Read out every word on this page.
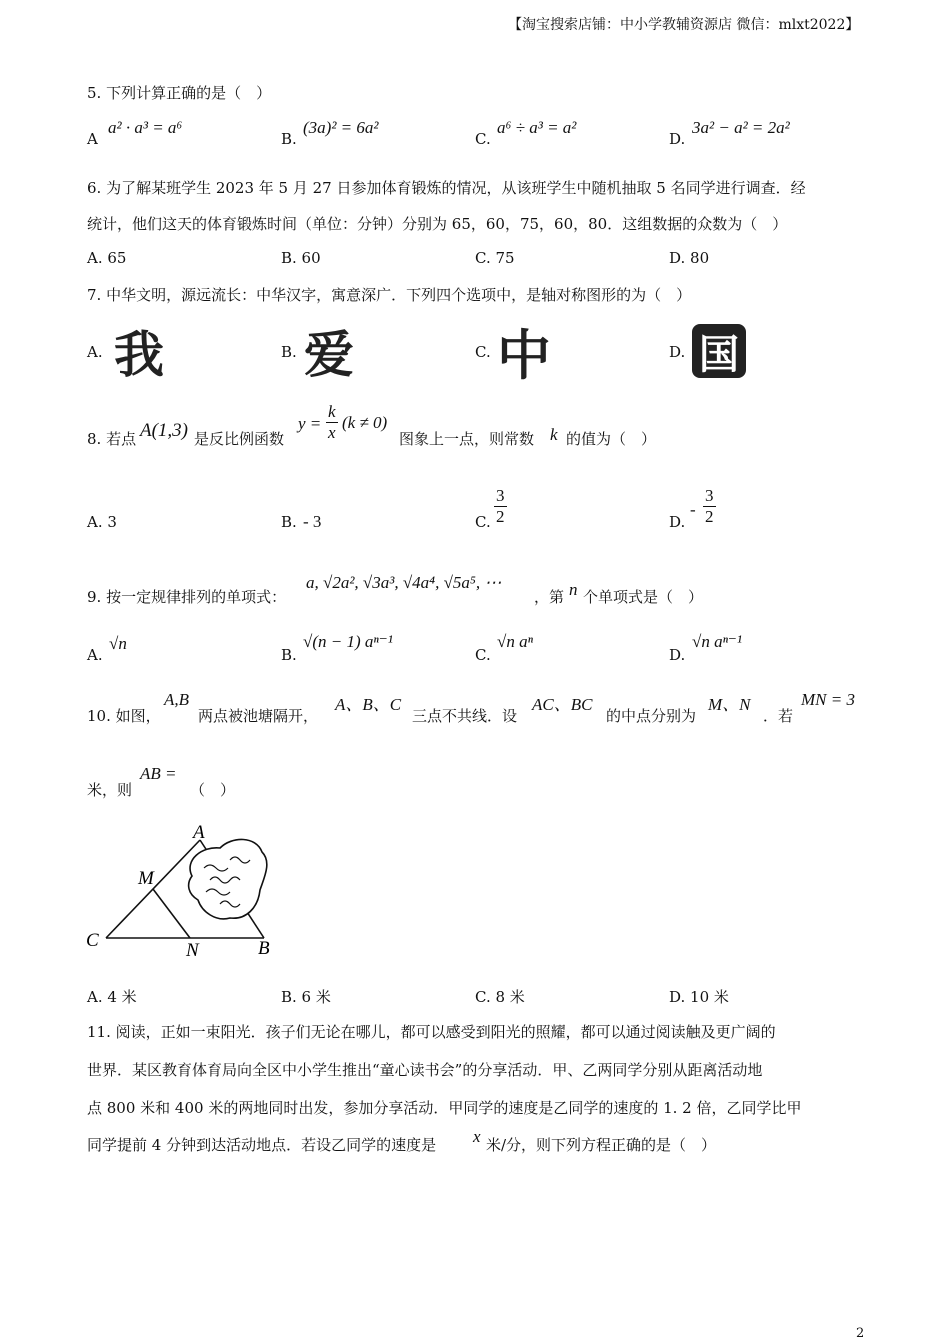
【淘宝搜索店铺：中小学教辅资源店 微信：mlxt2022】
5. 下列计算正确的是（　）
A
a² · a³ = a⁶
B.
(3a)² = 6a²
C.
a⁶ ÷ a³ = a²
D.
3a² − a² = 2a²
6. 为了解某班学生 2023 年 5 月 27 日参加体育锻炼的情况，从该班学生中随机抽取 5 名同学进行调查．经
统计，他们这天的体育锻炼时间（单位：分钟）分别为 65，60，75，60，80．这组数据的众数为（　）
A. 65	B. 60	C. 75	D. 80
7. 中华文明，源远流长：中华汉字，寓意深广．下列四个选项中，是轴对称图形的为（　）
A.	B.	C.	D.
我	爱	中	国
8. 若点 A(1,3) 是反比例函数
$y = \frac{k}{x} (k \ne 0)$
图象上一点，则常数 k 的值为（　）
A. 3	B. - 3	C. $\frac{3}{2}$	D.
- $\frac{3}{2}$
9. 按一定规律排列的单项式：
a, √2a², √3a³, √4a⁴, √5a⁵, ⋯
，第 n 个单项式是（　）
A.
√n
B.
√(n − 1) aⁿ⁻¹
C.
√n aⁿ
D.
√n aⁿ⁻¹
10. 如图，
A,B
两点被池塘隔开，
A、B、C
三点不共线．设
AC、BC
的中点分别为
M、N
．若
MN = 3
米，则
AB =
（　）
A
M
C	N	B
A. 4 米	B. 6 米	C. 8 米	D. 10 米
11. 阅读，正如一束阳光．孩子们无论在哪儿，都可以感受到阳光的照耀，都可以通过阅读触及更广阔的
世界．某区教育体育局向全区中小学生推出“童心读书会”的分享活动．甲、乙两同学分别从距离活动地
点 800 米和 400 米的两地同时出发，参加分享活动．甲同学的速度是乙同学的速度的 1. 2 倍，乙同学比甲
同学提前 4 分钟到达活动地点．若设乙同学的速度是 x 米/分，则下列方程正确的是（　）
2
